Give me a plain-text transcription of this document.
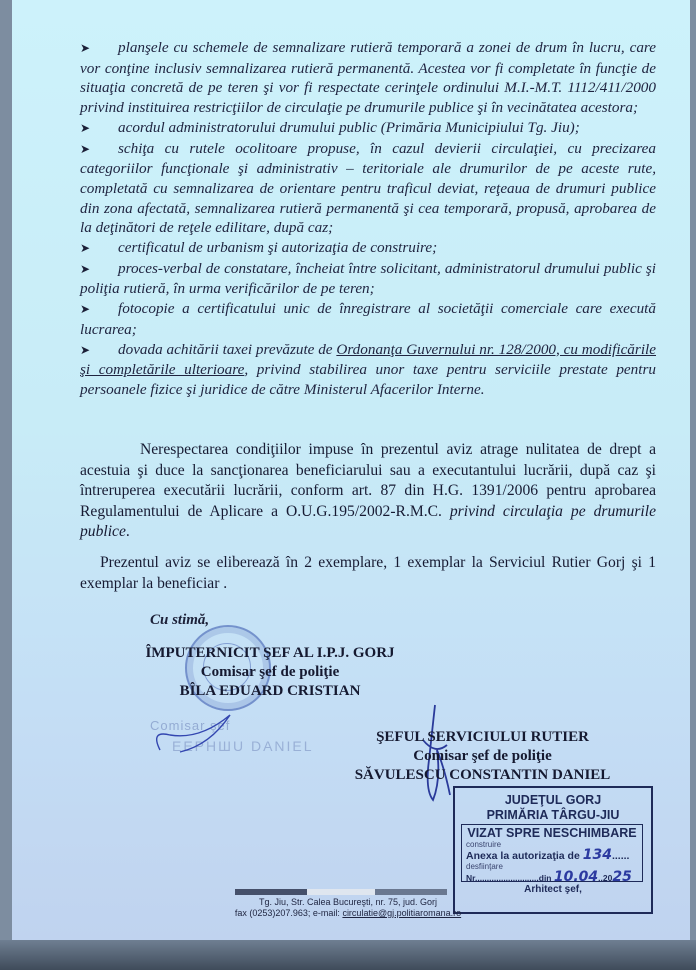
➤ planşele cu schemele de semnalizare rutieră temporară a zonei de drum în lucru, care vor conţine inclusiv semnalizarea rutieră permanentă. Acestea vor fi completate în funcţie de situaţia concretă de pe teren şi vor fi respectate cerinţele ordinului M.I.-M.T. 1112/411/2000 privind instituirea restricţiilor de circulaţie pe drumurile publice şi în vecinătatea acestora;

➤ acordul administratorului drumului public (Primăria Municipiului Tg. Jiu);

➤ schiţa cu rutele ocolitoare propuse, în cazul devierii circulaţiei, cu precizarea categoriilor funcţionale şi administrativ – teritoriale ale drumurilor de pe aceste rute, completată cu semnalizarea de orientare pentru traficul deviat, reţeaua de drumuri publice din zona afectată, semnalizarea rutieră permanentă şi cea temporară, propusă, aprobarea de la deţinători de reţele edilitare, după caz;

➤ certificatul de urbanism şi autorizaţia de construire;

➤ proces-verbal de constatare, încheiat între solicitant, administratorul drumului public şi poliţia rutieră, în urma verificărilor de pe teren;

➤ fotocopie a certificatului unic de înregistrare al societăţii comerciale care execută lucrarea;

➤ dovada achitării taxei prevăzute de Ordonanţa Guvernului nr. 128/2000, cu modificările şi completările ulterioare, privind stabilirea unor taxe pentru serviciile prestate pentru persoanele fizice şi juridice de către Ministerul Afacerilor Interne.

Nerespectarea condiţiilor impuse în prezentul aviz atrage nulitatea de drept a acestuia şi duce la sancţionarea beneficiarului sau a executantului lucrării, după caz şi întreruperea executării lucrării, conform art. 87 din H.G. 1391/2006 pentru aprobarea Regulamentului de Aplicare a O.U.G.195/2002-R.M.C. privind circulaţia pe drumurile publice.
Prezentul aviz se eliberează în 2 exemplare, 1 exemplar la Serviciul Rutier Gorj şi 1 exemplar la beneficiar .
Cu stimă,
ÎMPUTERNICIT ŞEF AL I.P.J. GORJ
Comisar şef de poliţie
BÎLA EDUARD CRISTIAN
Comisar şef
ЕЕРНШU DANIEL
ŞEFUL SERVICIULUI RUTIER
Comisar şef de poliţie
SĂVULESCU CONSTANTIN DANIEL
JUDEŢUL GORJ
PRIMĂRIA TÂRGU-JIU
VIZAT SPRE NESCHIMBARE
construire
Anexa la autorizaţia de 134......
desfiinţare
Nr...........................din 10.04..2025
Arhitect şef,
Tg. Jiu, Str. Calea Bucureşti, nr. 75, jud. Gorj
fax (0253)207.963; e-mail: circulatie@gj.politiaromana.ro
